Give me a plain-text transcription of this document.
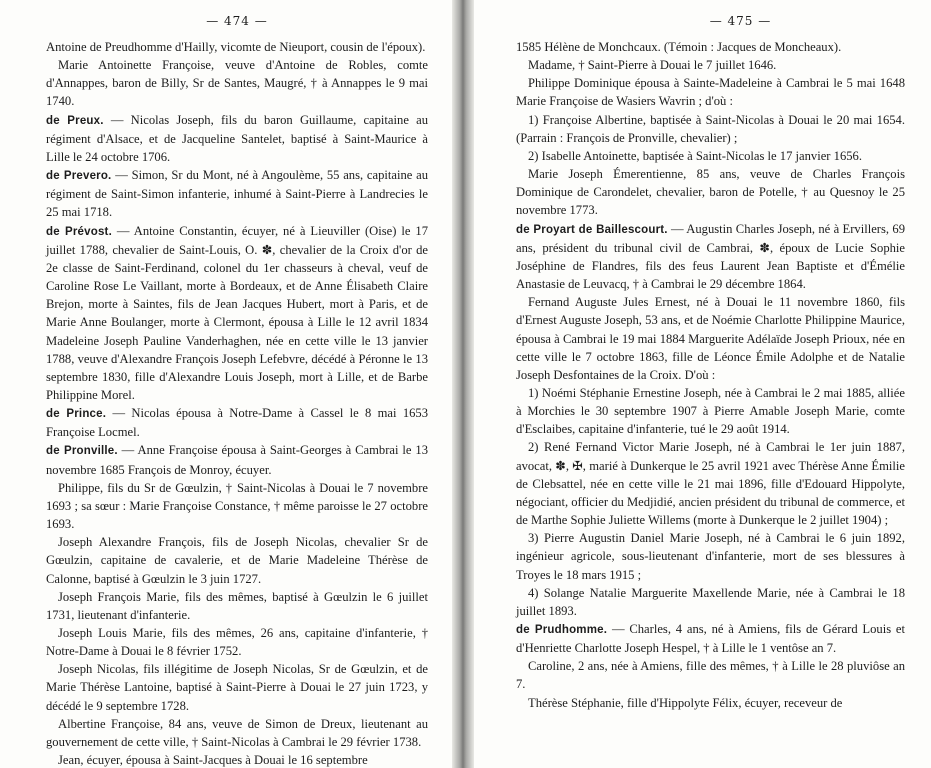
— 474 —

Antoine de Preudhomme d'Hailly, vicomte de Nieuport, cousin de l'époux).

Marie Antoinette Françoise, veuve d'Antoine de Robles, comte d'Annappes, baron de Billy, Sr de Santes, Maugré, † à Annappes le 9 mai 1740.

de Preux. — Nicolas Joseph, fils du baron Guillaume, capitaine au régiment d'Alsace, et de Jacqueline Santelet, baptisé à Saint-Maurice à Lille le 24 octobre 1706.

de Prevero. — Simon, Sr du Mont, né à Angoulème, 55 ans, capitaine au régiment de Saint-Simon infanterie, inhumé à Saint-Pierre à Landrecies le 25 mai 1718.

de Prévost. — Antoine Constantin, écuyer, né à Lieuviller (Oise) le 17 juillet 1788, chevalier de Saint-Louis, O. ✽, chevalier de la Croix d'or de 2e classe de Saint-Ferdinand, colonel du 1er chasseurs à cheval, veuf de Caroline Rose Le Vaillant, morte à Bordeaux, et de Anne Élisabeth Claire Brejon, morte à Saintes, fils de Jean Jacques Hubert, mort à Paris, et de Marie Anne Boulanger, morte à Clermont, épousa à Lille le 12 avril 1834 Madeleine Joseph Pauline Vanderhaghen, née en cette ville le 13 janvier 1788, veuve d'Alexandre François Joseph Lefebvre, décédé à Péronne le 13 septembre 1830, fille d'Alexandre Louis Joseph, mort à Lille, et de Barbe Philippine Morel.

de Prince. — Nicolas épousa à Notre-Dame à Cassel le 8 mai 1653 Françoise Locmel.

de Pronville. — Anne Françoise épousa à Saint-Georges à Cambrai le 13 novembre 1685 François de Monroy, écuyer.

Philippe, fils du Sr de Gœulzin, † Saint-Nicolas à Douai le 7 novembre 1693 ; sa sœur : Marie Françoise Constance, † même paroisse le 27 octobre 1693.

Joseph Alexandre François, fils de Joseph Nicolas, chevalier Sr de Gœulzin, capitaine de cavalerie, et de Marie Madeleine Thérèse de Calonne, baptisé à Gœulzin le 3 juin 1727.

Joseph François Marie, fils des mêmes, baptisé à Gœulzin le 6 juillet 1731, lieutenant d'infanterie.

Joseph Louis Marie, fils des mêmes, 26 ans, capitaine d'infanterie, † Notre-Dame à Douai le 8 février 1752.

Joseph Nicolas, fils illégitime de Joseph Nicolas, Sr de Gœulzin, et de Marie Thérèse Lantoine, baptisé à Saint-Pierre à Douai le 27 juin 1723, y décédé le 9 septembre 1728.

Albertine Françoise, 84 ans, veuve de Simon de Dreux, lieutenant au gouvernement de cette ville, † Saint-Nicolas à Cambrai le 29 février 1738.

Jean, écuyer, épousa à Saint-Jacques à Douai le 16 septembre

— 475 —

1585 Hélène de Monchcaux. (Témoin : Jacques de Moncheaux).

Madame, † Saint-Pierre à Douai le 7 juillet 1646.

Philippe Dominique épousa à Sainte-Madeleine à Cambrai le 5 mai 1648 Marie Françoise de Wasiers Wavrin ; d'où :

1) Françoise Albertine, baptisée à Saint-Nicolas à Douai le 20 mai 1654. (Parrain : François de Pronville, chevalier) ;

2) Isabelle Antoinette, baptisée à Saint-Nicolas le 17 janvier 1656.

Marie Joseph Émerentienne, 85 ans, veuve de Charles François Dominique de Carondelet, chevalier, baron de Potelle, † au Quesnoy le 25 novembre 1773.

de Proyart de Baillescourt. — Augustin Charles Joseph, né à Ervillers, 69 ans, président du tribunal civil de Cambrai, ✽, époux de Lucie Sophie Joséphine de Flandres, fils des feus Laurent Jean Baptiste et d'Émélie Anastasie de Leuvacq, † à Cambrai le 29 décembre 1864.

Fernand Auguste Jules Ernest, né à Douai le 11 novembre 1860, fils d'Ernest Auguste Joseph, 53 ans, et de Noémie Charlotte Philippine Maurice, épousa à Cambrai le 19 mai 1884 Marguerite Adélaïde Joseph Prioux, née en cette ville le 7 octobre 1863, fille de Léonce Émile Adolphe et de Natalie Joseph Desfontaines de la Croix. D'où :

1) Noémi Stéphanie Ernestine Joseph, née à Cambrai le 2 mai 1885, alliée à Morchies le 30 septembre 1907 à Pierre Amable Joseph Marie, comte d'Esclaibes, capitaine d'infanterie, tué le 29 août 1914.

2) René Fernand Victor Marie Joseph, né à Cambrai le 1er juin 1887, avocat, ✽, ✠, marié à Dunkerque le 25 avril 1921 avec Thérèse Anne Émilie de Clebsattel, née en cette ville le 21 mai 1896, fille d'Edouard Hippolyte, négociant, officier du Medjidié, ancien président du tribunal de commerce, et de Marthe Sophie Juliette Willems (morte à Dunkerque le 2 juillet 1904) ;

3) Pierre Augustin Daniel Marie Joseph, né à Cambrai le 6 juin 1892, ingénieur agricole, sous-lieutenant d'infanterie, mort de ses blessures à Troyes le 18 mars 1915 ;

4) Solange Natalie Marguerite Maxellende Marie, née à Cambrai le 18 juillet 1893.

de Prudhomme. — Charles, 4 ans, né à Amiens, fils de Gérard Louis et d'Henriette Charlotte Joseph Hespel, † à Lille le 1 ventôse an 7.

Caroline, 2 ans, née à Amiens, fille des mêmes, † à Lille le 28 pluviôse an 7.

Thérèse Stéphanie, fille d'Hippolyte Félix, écuyer, receveur de
